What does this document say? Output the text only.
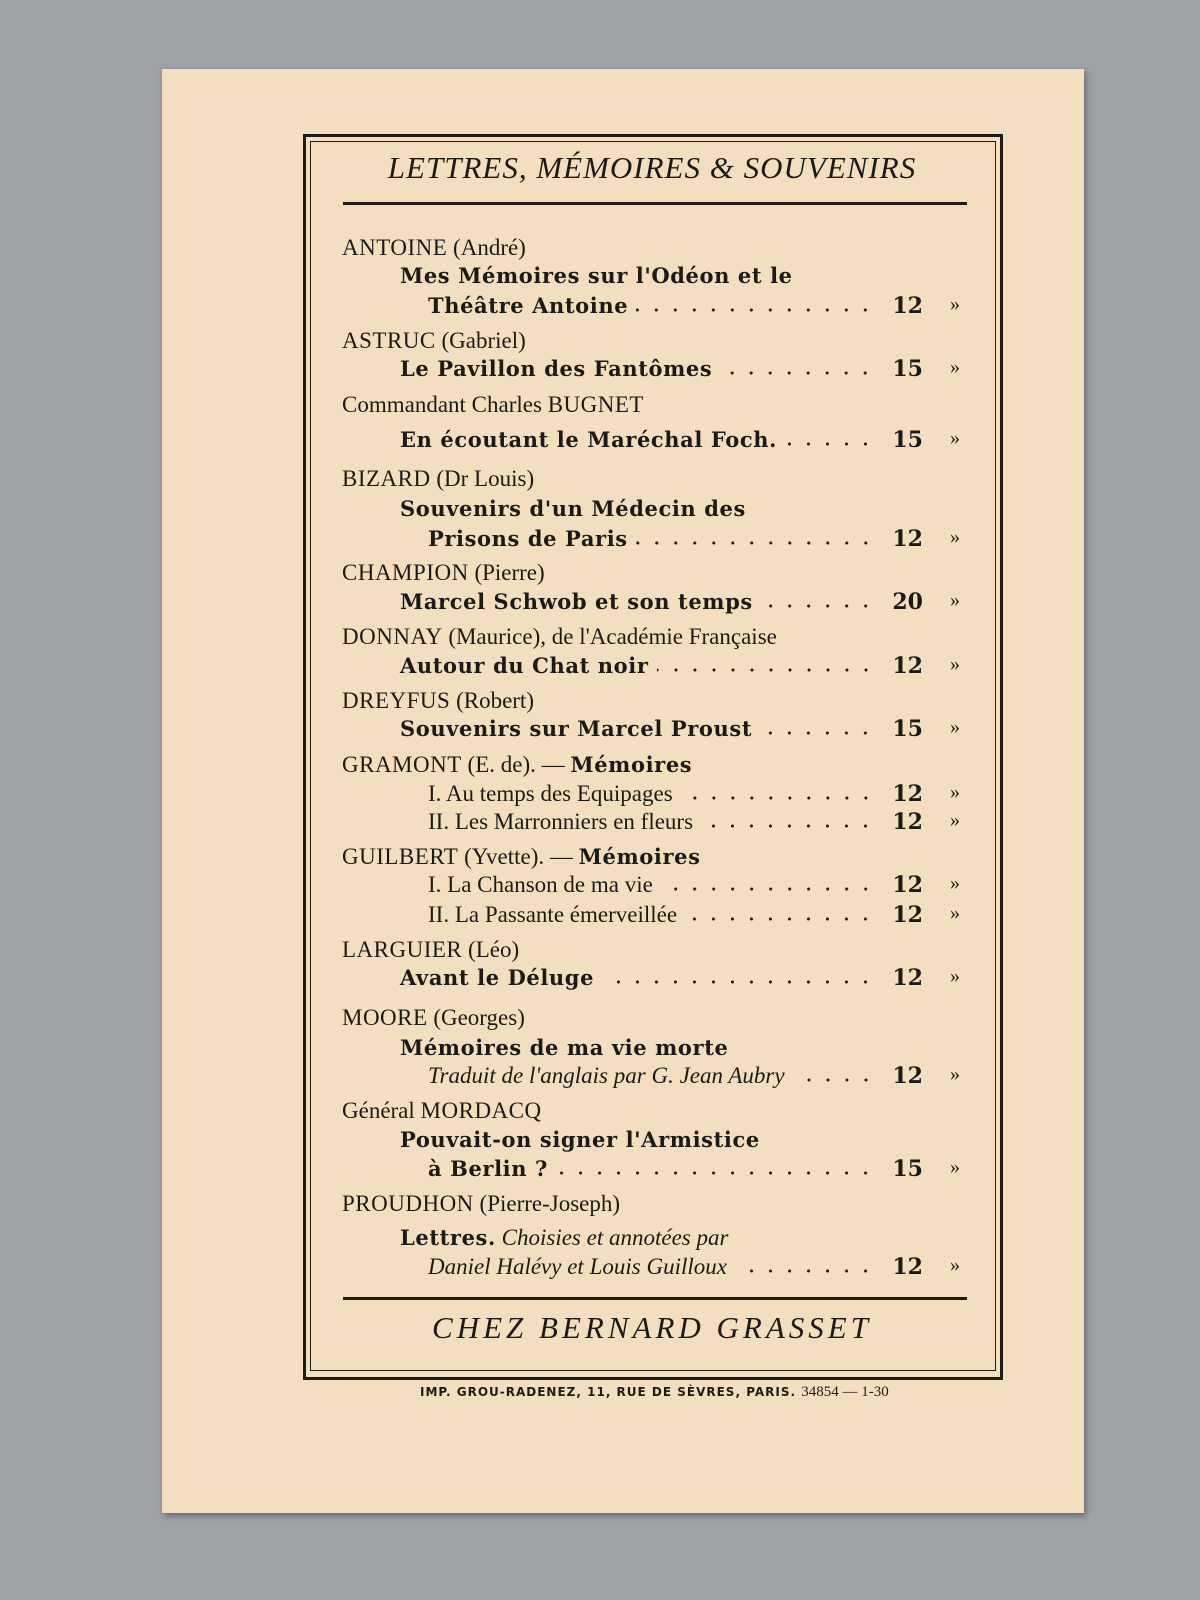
LETTRES, MÉMOIRES & SOUVENIRS
ANTOINE
(André)
Mes Mémoires sur l'Odéon et le
»
Théâtre Antoine	12
ASTRUC
(Gabriel)
»
Le Pavillon des Fantômes	15
Commandant Charles
BUGNET
»
En écoutant le Maréchal Foch.	15
BIZARD
(Dr Louis)
Souvenirs d'un Médecin des
»
Prisons de Paris	12
CHAMPION
(Pierre)
»
Marcel Schwob et son temps	20
DONNAY
(Maurice), de l'Académie Française
»
Autour du Chat noir	12
DREYFUS
(Robert)
»
Souvenirs sur Marcel Proust	15
GRAMONT
(E. de). —
Mémoires
»
I. Au temps des Equipages	12
»
II. Les Marronniers en fleurs	12
GUILBERT
(Yvette). —
Mémoires
»
I. La Chanson de ma vie	12
»
II. La Passante émerveillée	12
LARGUIER
(Léo)
»
Avant le Déluge	12
MOORE
(Georges)
Mémoires de ma vie morte
»
Traduit de l'anglais par G. Jean Aubry	12
Général
MORDACQ
Pouvait-on signer l'Armistice
»
à Berlin ?	15
PROUDHON
(Pierre-Joseph)
Lettres.
Choisies et annotées par
»
Daniel Halévy et Louis Guilloux	12
CHEZ BERNARD GRASSET
IMP. GROU-RADENEZ, 11, RUE DE SÈVRES, PARIS. 34854 — 1-30
